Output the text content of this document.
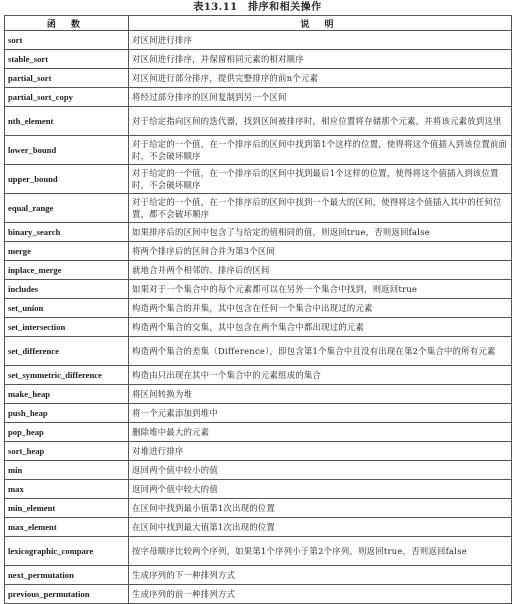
表13.11　排序和相关操作
函 数	说 明
sort	对区间进行排序
stable_sort	对区间进行排序，并保留相同元素的相对顺序
partial_sort	对区间进行部分排序，提供完整排序的前n个元素
partial_sort_copy	将经过部分排序的区间复制到另一个区间
nth_element	对于给定指向区间的迭代器，找到区间被排序时，相应位置将存储那个元素，并将该元素放到这里
lower_bound	对于给定的一个值，在一个排序后的区间中找到第1个这样的位置，使得将这个值插入到该位置前面时，不会破坏顺序
upper_bound	对于给定的一个值，在一个排序后的区间中找到最后1个这样的位置，使得将这个值插入到该位置时，不会破坏顺序
equal_range	对于给定的一个值，在一个排序后的区间中找到一个最大的区间，使得将这个值插入其中的任何位置，都不会破坏顺序
binary_search	如果排序后的区间中包含了与给定的值相同的值，则返回true，否则返回false
merge	将两个排序后的区间合并为第3个区间
inplace_merge	就地合并两个相邻的、排序后的区间
includes	如果对于一个集合中的每个元素都可以在另外一个集合中找到，则返回true
set_union	构造两个集合的并集，其中包含在任何一个集合中出现过的元素
set_intersection	构造两个集合的交集，其中包含在两个集合中都出现过的元素
set_difference	构造两个集合的差集（Difference），即包含第1个集合中且没有出现在第2个集合中的所有元素
set_symmetric_difference	构造由只出现在其中一个集合中的元素组成的集合
make_heap	将区间转换为堆
push_heap	将一个元素添加到堆中
pop_heap	删除堆中最大的元素
sort_heap	对堆进行排序
min	返回两个值中较小的值
max	返回两个值中较大的值
min_element	在区间中找到最小值第1次出现的位置
max_element	在区间中找到最大值第1次出现的位置
lexicographic_compare	按字母顺序比较两个序列，如果第1个序列小于第2个序列，则返回true，否则返回false
next_permutation	生成序列的下一种排列方式
previous_permutation	生成序列的前一种排列方式
